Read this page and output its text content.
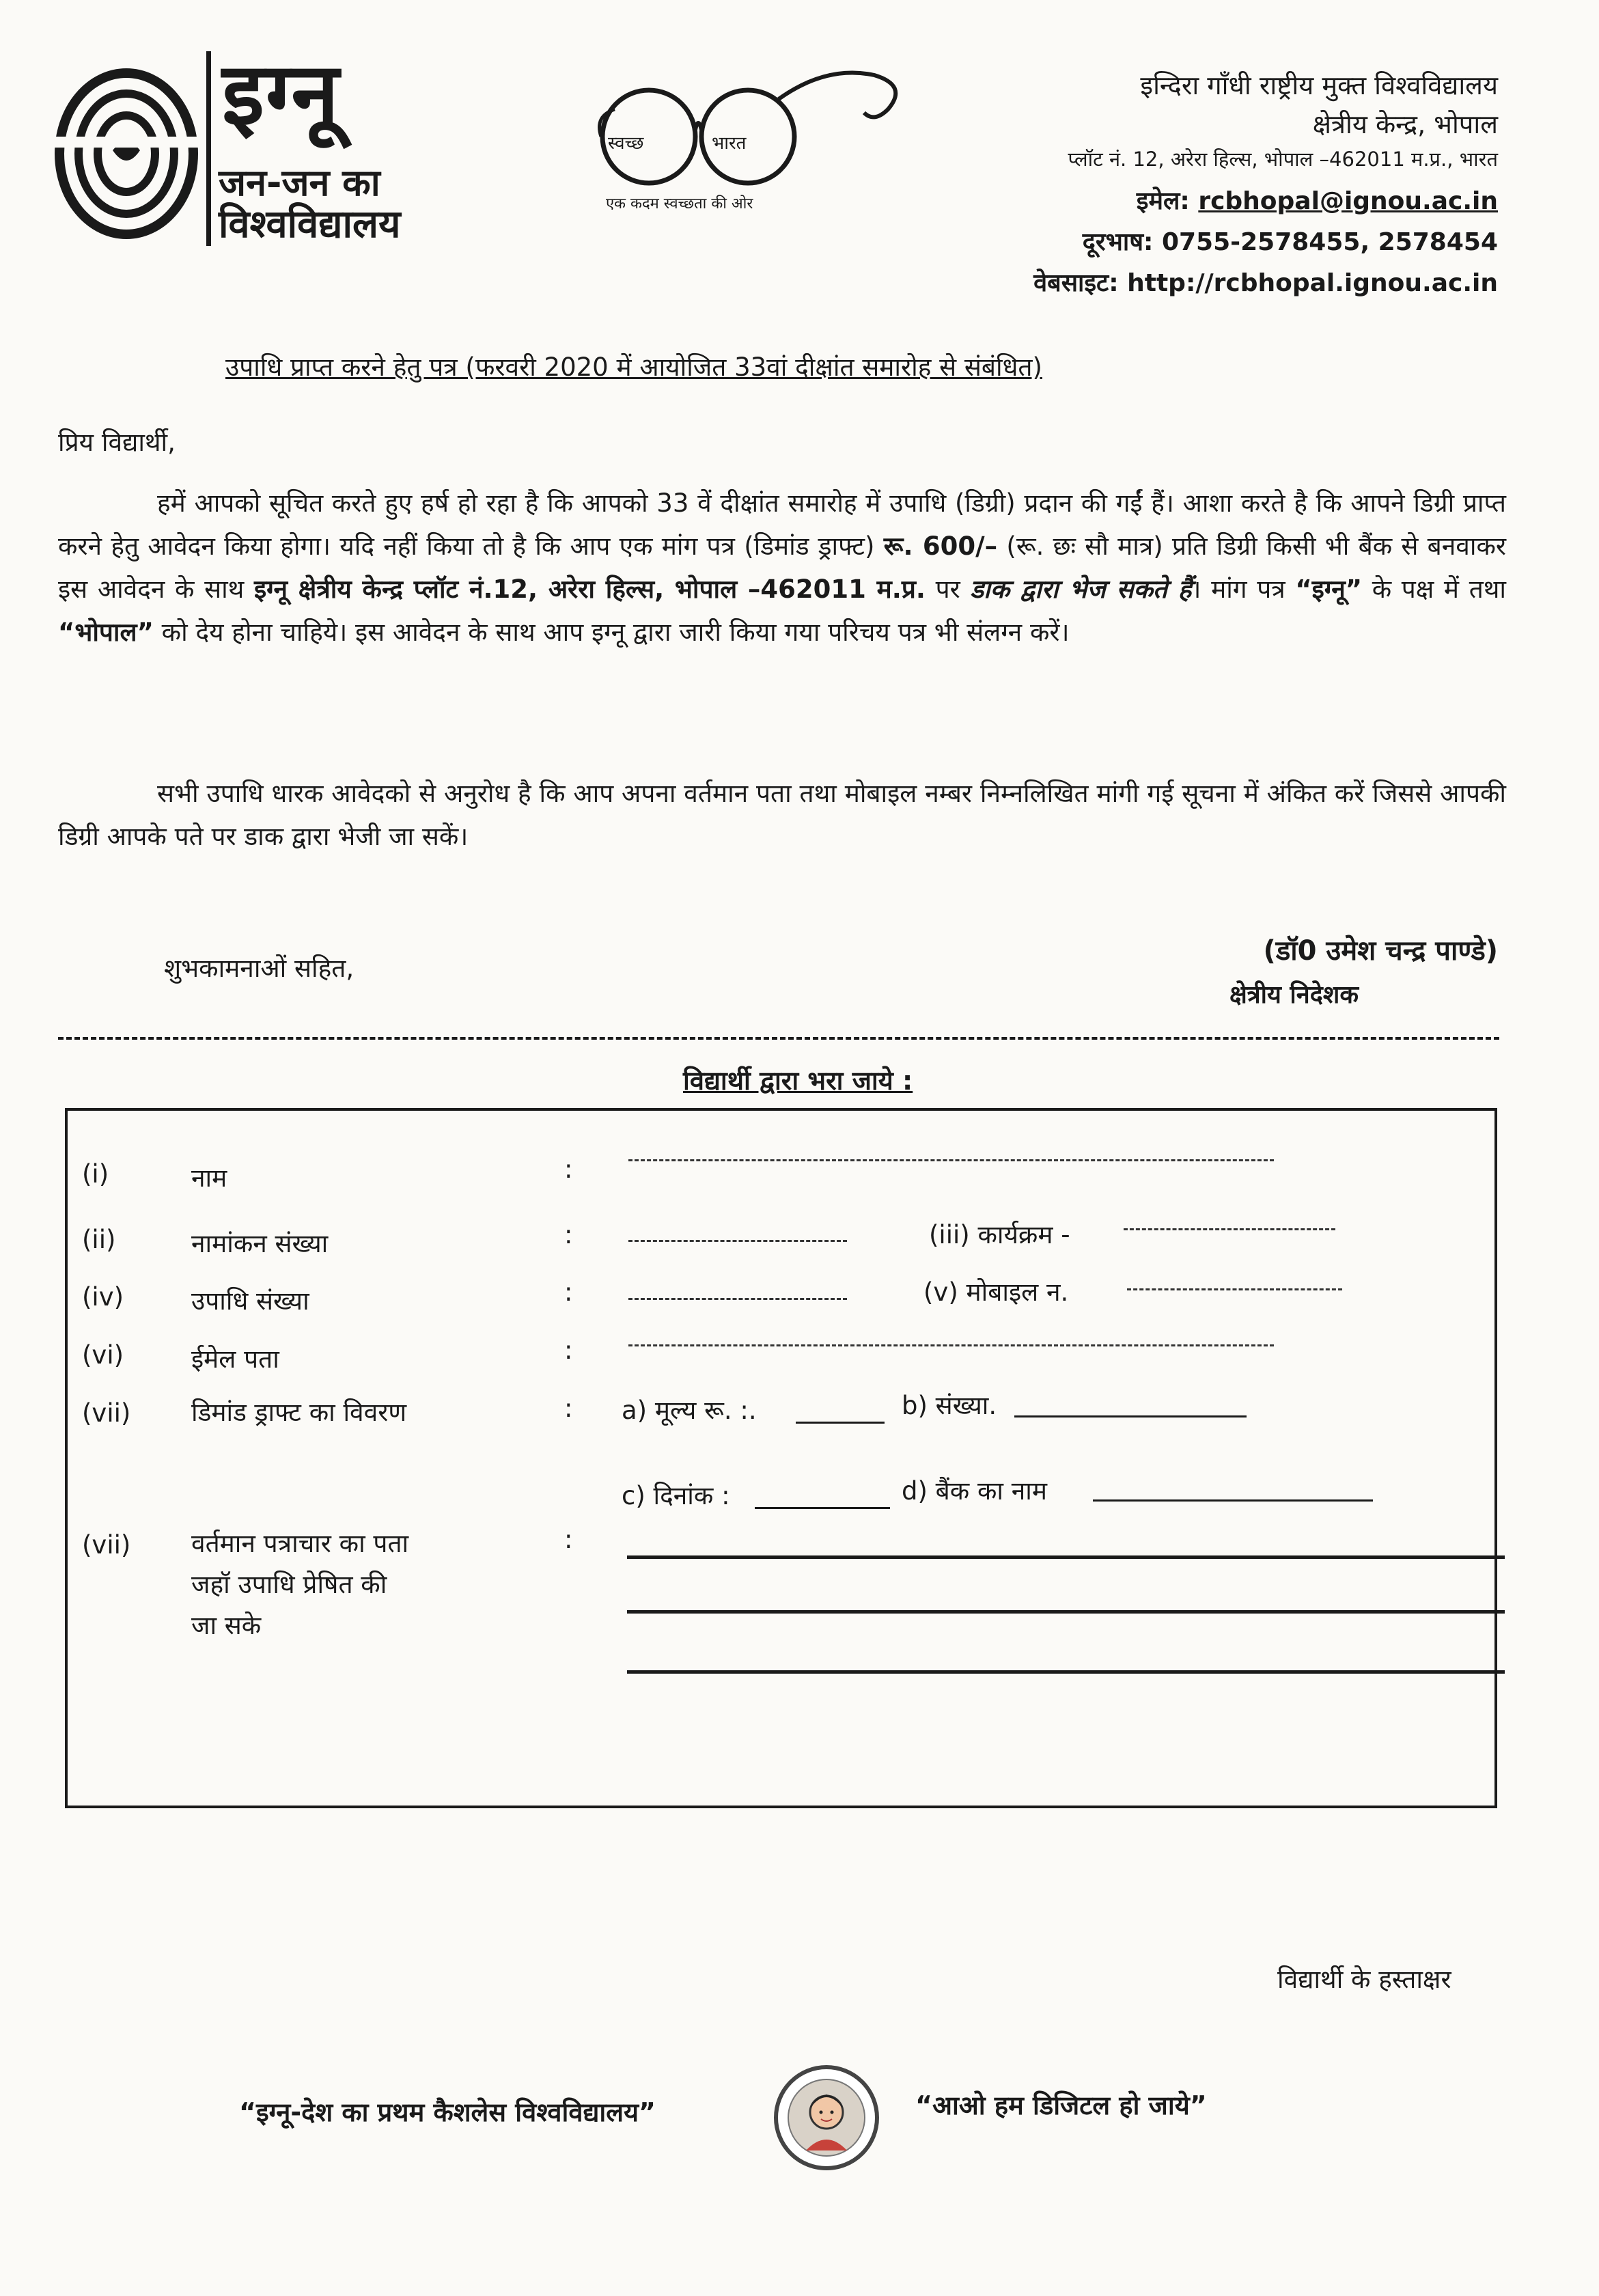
इग्नू
जन-जन का
विश्वविद्यालय
स्वच्छ	भारत
एक कदम स्वच्छता की ओर
इन्दिरा गाँधी राष्ट्रीय मुक्त विश्वविद्यालय
क्षेत्रीय केन्द्र, भोपाल
प्लॉट नं. 12, अरेरा हिल्स, भोपाल –462011 म.प्र., भारत
इमेल: rcbhopal@ignou.ac.in
दूरभाष: 0755-2578455, 2578454
वेबसाइट: http://rcbhopal.ignou.ac.in
उपाधि प्राप्त करने हेतु पत्र (फरवरी 2020 में आयोजित 33वां दीक्षांत समारोह से संबंधित)
प्रिय विद्यार्थी,
हमें आपको सूचित करते हुए हर्ष हो रहा है कि आपको 33 वें दीक्षांत समारोह में उपाधि (डिग्री) प्रदान की गईं हैं। आशा करते है कि आपने डिग्री प्राप्त करने हेतु आवेदन किया होगा। यदि नहीं किया तो है कि आप एक मांग पत्र (डिमांड ड्राफ्ट) रू. 600/– (रू. छः सौ मात्र) प्रति डिग्री किसी भी बैंक से बनवाकर इस आवेदन के साथ इग्नू क्षेत्रीय केन्द्र प्लॉट नं.12, अरेरा हिल्स, भोपाल –462011 म.प्र. पर डाक द्वारा भेज सकते हैं। मांग पत्र “इग्नू” के पक्ष में तथा “भोपाल” को देय होना चाहिये। इस आवेदन के साथ आप इग्नू द्वारा जारी किया गया परिचय पत्र भी संलग्न करें।
सभी उपाधि धारक आवेदको से अनुरोध है कि आप अपना वर्तमान पता तथा मोबाइल नम्बर निम्नलिखित मांगी गई सूचना में अंकित करें जिससे आपकी डिग्री आपके पते पर डाक द्वारा भेजी जा सकें।
शुभकामनाओं सहित,
(डॉ0 उमेश चन्द्र पाण्डे)
क्षेत्रीय निदेशक
विद्यार्थी द्वारा भरा जाये :
(i)	नाम	:
(ii)	नामांकन संख्या	:	(iii) कार्यक्रम -
(iv)	उपाधि संख्या	:	(v) मोबाइल न.
(vi)	ईमेल पता	:
(vii) डिमांड ड्राफ्ट का विवरण	: a) मूल्य रू. :.	b) संख्या.
c) दिनांक :	d) बैंक का नाम
(vii) वर्तमान पत्राचार का पता
जहॉ उपाधि प्रेषित की
जा सके
:
विद्यार्थी के हस्ताक्षर
“इग्नू-देश का प्रथम कैशलेस विश्वविद्यालय”	“आओ हम डिजिटल हो जाये”
